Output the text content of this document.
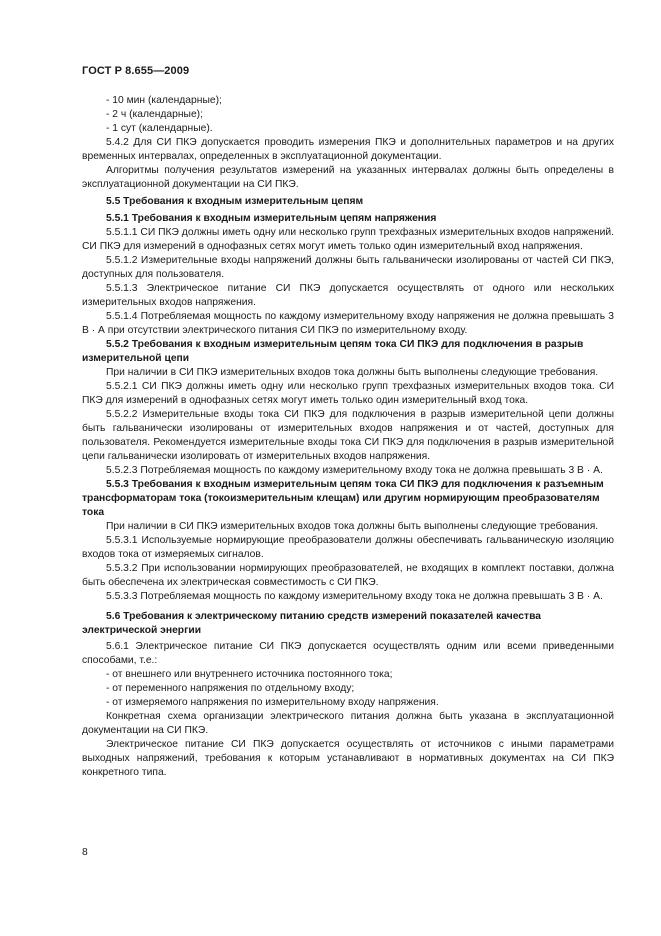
ГОСТ Р 8.655—2009
- 10 мин (календарные);
- 2 ч (календарные);
- 1 сут (календарные).
5.4.2 Для СИ ПКЭ допускается проводить измерения ПКЭ и дополнительных параметров и на других временных интервалах, определенных в эксплуатационной документации.
Алгоритмы получения результатов измерений на указанных интервалах должны быть определены в эксплуатационной документации на СИ ПКЭ.
5.5 Требования к входным измерительным цепям
5.5.1 Требования к входным измерительным цепям напряжения
5.5.1.1 СИ ПКЭ должны иметь одну или несколько групп трехфазных измерительных входов напряжений. СИ ПКЭ для измерений в однофазных сетях могут иметь только один измерительный вход напряжения.
5.5.1.2 Измерительные входы напряжений должны быть гальванически изолированы от частей СИ ПКЭ, доступных для пользователя.
5.5.1.3 Электрическое питание СИ ПКЭ допускается осуществлять от одного или нескольких измерительных входов напряжения.
5.5.1.4 Потребляемая мощность по каждому измерительному входу напряжения не должна превышать 3 В · А при отсутствии электрического питания СИ ПКЭ по измерительному входу.
5.5.2 Требования к входным измерительным цепям тока СИ ПКЭ для подключения в разрыв измерительной цепи
При наличии в СИ ПКЭ измерительных входов тока должны быть выполнены следующие требования.
5.5.2.1 СИ ПКЭ должны иметь одну или несколько групп трехфазных измерительных входов тока. СИ ПКЭ для измерений в однофазных сетях могут иметь только один измерительный вход тока.
5.5.2.2 Измерительные входы тока СИ ПКЭ для подключения в разрыв измерительной цепи должны быть гальванически изолированы от измерительных входов напряжения и от частей, доступных для пользователя. Рекомендуется измерительные входы тока СИ ПКЭ для подключения в разрыв измерительной цепи гальванически изолировать от измерительных входов напряжения.
5.5.2.3 Потребляемая мощность по каждому измерительному входу тока не должна превышать 3 В · А.
5.5.3 Требования к входным измерительным цепям тока СИ ПКЭ для подключения к разъемным трансформаторам тока (токоизмерительным клещам) или другим нормирующим преобразователям тока
При наличии в СИ ПКЭ измерительных входов тока должны быть выполнены следующие требования.
5.5.3.1 Используемые нормирующие преобразователи должны обеспечивать гальваническую изоляцию входов тока от измеряемых сигналов.
5.5.3.2 При использовании нормирующих преобразователей, не входящих в комплект поставки, должна быть обеспечена их электрическая совместимость с СИ ПКЭ.
5.5.3.3 Потребляемая мощность по каждому измерительному входу тока не должна превышать 3 В · А.
5.6 Требования к электрическому питанию средств измерений показателей качества электрической энергии
5.6.1 Электрическое питание СИ ПКЭ допускается осуществлять одним или всеми приведенными способами, т.е.:
- от внешнего или внутреннего источника постоянного тока;
- от переменного напряжения по отдельному входу;
- от измеряемого напряжения по измерительному входу напряжения.
Конкретная схема организации электрического питания должна быть указана в эксплуатационной документации на СИ ПКЭ.
Электрическое питание СИ ПКЭ допускается осуществлять от источников с иными параметрами выходных напряжений, требования к которым устанавливают в нормативных документах на СИ ПКЭ конкретного типа.
8
